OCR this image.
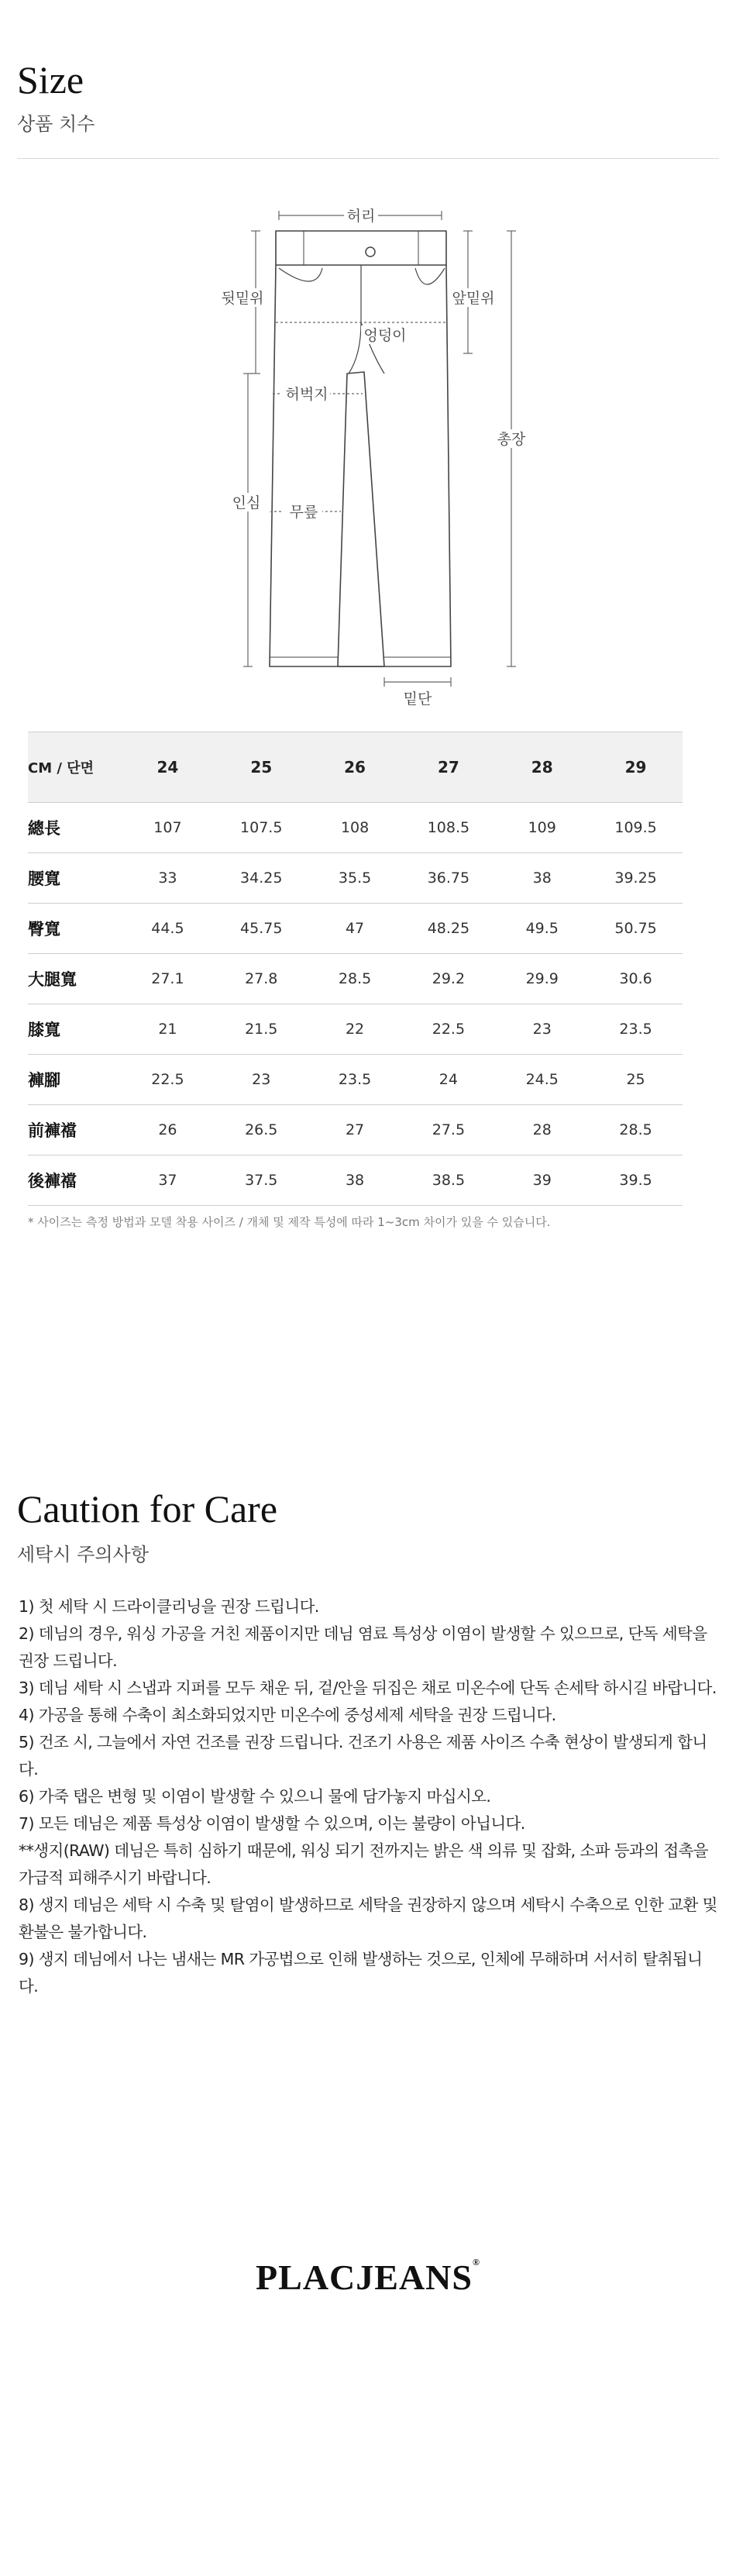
Size

상품 치수

허리
뒷밑위	앞밑위
엉덩이
허벅지
총장
인심
무릎
밑단
CM / 단면	24	25	26	27	28	29
總長	107	107.5	108	108.5	109	109.5
腰寬	33	34.25	35.5	36.75	38	39.25
臀寬	44.5	45.75	47	48.25	49.5	50.75
大腿寬	27.1	27.8	28.5	29.2	29.9	30.6
膝寬	21	21.5	22	22.5	23	23.5
褲腳	22.5	23	23.5	24	24.5	25
前褲襠	26	26.5	27	27.5	28	28.5
後褲襠	37	37.5	38	38.5	39	39.5

* 사이즈는 측정 방법과 모델 착용 사이즈 / 개체 및 제작 특성에 따라 1~3cm 차이가 있을 수 있습니다.

Caution for Care

세탁시 주의사항

1) 첫 세탁 시 드라이클리닝을 권장 드립니다.
2) 데님의 경우, 워싱 가공을 거친 제품이지만 데님 염료 특성상 이염이 발생할 수 있으므로, 단독 세탁을
권장 드립니다.
3) 데님 세탁 시 스냅과 지퍼를 모두 채운 뒤, 겉/안을 뒤집은 채로 미온수에 단독 손세탁 하시길 바랍니다.
4) 가공을 통해 수축이 최소화되었지만 미온수에 중성세제 세탁을 권장 드립니다.
5) 건조 시, 그늘에서 자연 건조를 권장 드립니다. 건조기 사용은 제품 사이즈 수축 현상이 발생되게 합니다.
6) 가죽 탭은 변형 및 이염이 발생할 수 있으니 물에 담가놓지 마십시오.
7) 모든 데님은 제품 특성상 이염이 발생할 수 있으며, 이는 불량이 아닙니다.
**생지(RAW) 데님은 특히 심하기 때문에, 워싱 되기 전까지는 밝은 색 의류 및 잡화, 소파 등과의 접촉을
가급적 피해주시기 바랍니다.
8) 생지 데님은 세탁 시 수축 및 탈염이 발생하므로 세탁을 권장하지 않으며 세탁시 수축으로 인한 교환 및
환불은 불가합니다.
9) 생지 데님에서 나는 냄새는 MR 가공법으로 인해 발생하는 것으로, 인체에 무해하며 서서히 탈취됩니다.
PLACJEANS®
